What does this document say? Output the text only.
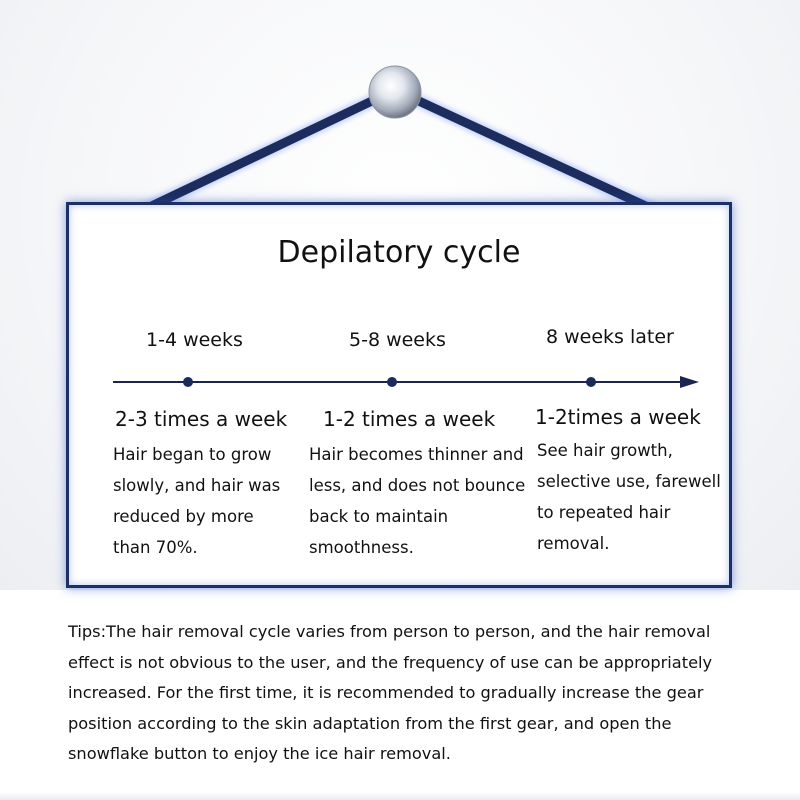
Depilatory cycle
1-4 weeks
2-3 times a week
Hair began to grow slowly, and hair was reduced by more than 70%.
5-8 weeks
1-2 times a week
Hair becomes thinner and less, and does not bounce back to maintain smoothness.
8 weeks later
1-2times a week
See hair growth, selective use, farewell to repeated hair removal.
Tips:The hair removal cycle varies from person to person, and the hair removal effect is not obvious to the user, and the frequency of use can be appropriately increased. For the first time, it is recommended to gradually increase the gear position according to the skin adaptation from the first gear, and open the snowflake button to enjoy the ice hair removal.
